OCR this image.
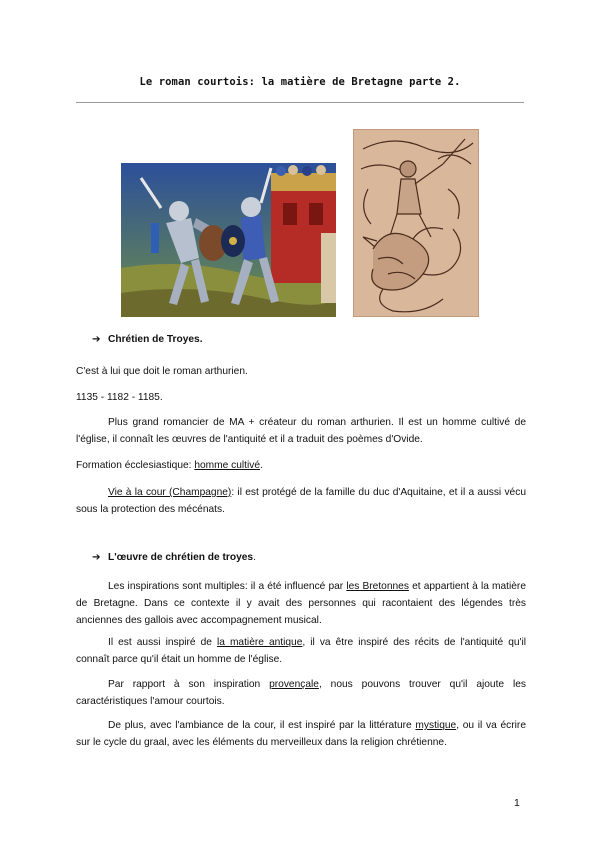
Le roman courtois: la matière de Bretagne parte 2.
➔ Chrétien de Troyes.
C'est à lui que doit le roman arthurien.
1135 - 1182 - 1185.
Plus grand romancier de MA + créateur du roman arthurien. Il est un homme cultivé de l'église, il connaît les œuvres de l'antiquité et il a traduit des poèmes d'Ovide.
Formation écclesiastique: homme cultivé.
Vie à la cour (Champagne): il est protégé de la famille du duc d'Aquitaine, et il a aussi vécu sous la protection des mécénats.
➔ L'œuvre de chrétien de troyes.
Les inspirations sont multiples: il a été influencé par les Bretonnes et appartient à la matière de Bretagne. Dans ce contexte il y avait des personnes qui racontaient des légendes très anciennes des gallois avec accompagnement musical.
Il est aussi inspiré de la matière antique, il va être inspiré des récits de l'antiquité qu'il connaît parce qu'il était un homme de l'église.
Par rapport à son inspiration provençale, nous pouvons trouver qu'il ajoute les caractéristiques l'amour courtois.
De plus, avec l'ambiance de la cour, il est inspiré par la littérature mystique, ou il va écrire sur le cycle du graal, avec les éléments du merveilleux dans la religion chrétienne.
1
